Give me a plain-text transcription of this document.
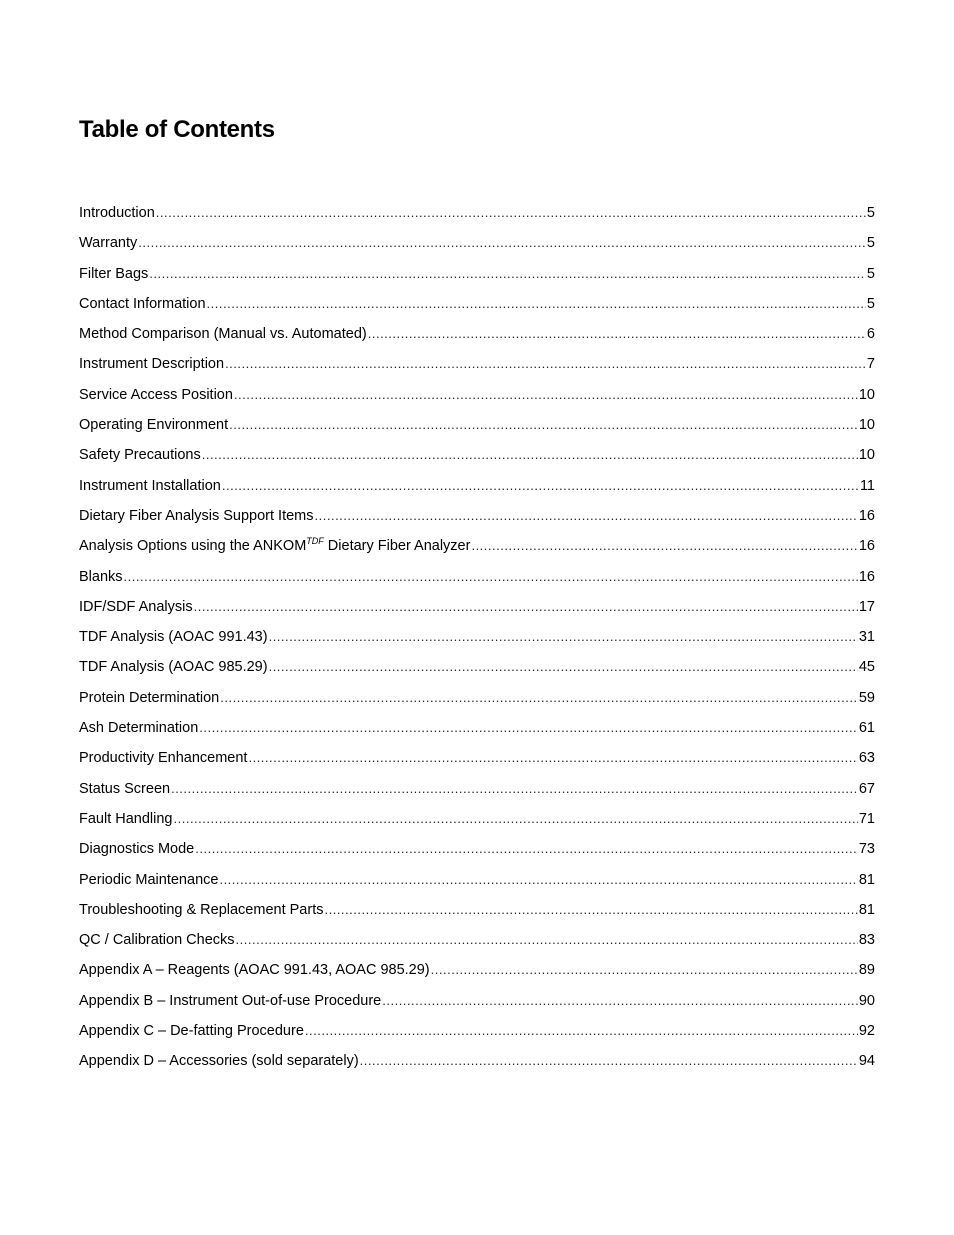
Table of Contents
Introduction .....	5
Warranty .....	5
Filter Bags .....	5
Contact Information .....	5
Method Comparison (Manual vs. Automated) .....	6
Instrument Description .....	7
Service Access Position .....	10
Operating Environment .....	10
Safety Precautions .....	10
Instrument Installation .....	11
Dietary Fiber Analysis Support Items .....	16
Analysis Options using the $ANKOM^{TDF}$ Dietary Fiber Analyzer .....	16
Blanks .....	16
IDF/SDF Analysis .....	17
TDF Analysis (AOAC 991.43) .....	31
TDF Analysis (AOAC 985.29) .....	45
Protein Determination .....	59
Ash Determination .....	61
Productivity Enhancement .....	63
Status Screen .....	67
Fault Handling .....	71
Diagnostics Mode .....	73
Periodic Maintenance .....	81
Troubleshooting & Replacement Parts .....	81
QC / Calibration Checks .....	83
Appendix A – Reagents (AOAC 991.43, AOAC 985.29) .....	89
Appendix B – Instrument Out-of-use Procedure .....	90
Appendix C – De-fatting Procedure .....	92
Appendix D – Accessories (sold separately) .....	94
